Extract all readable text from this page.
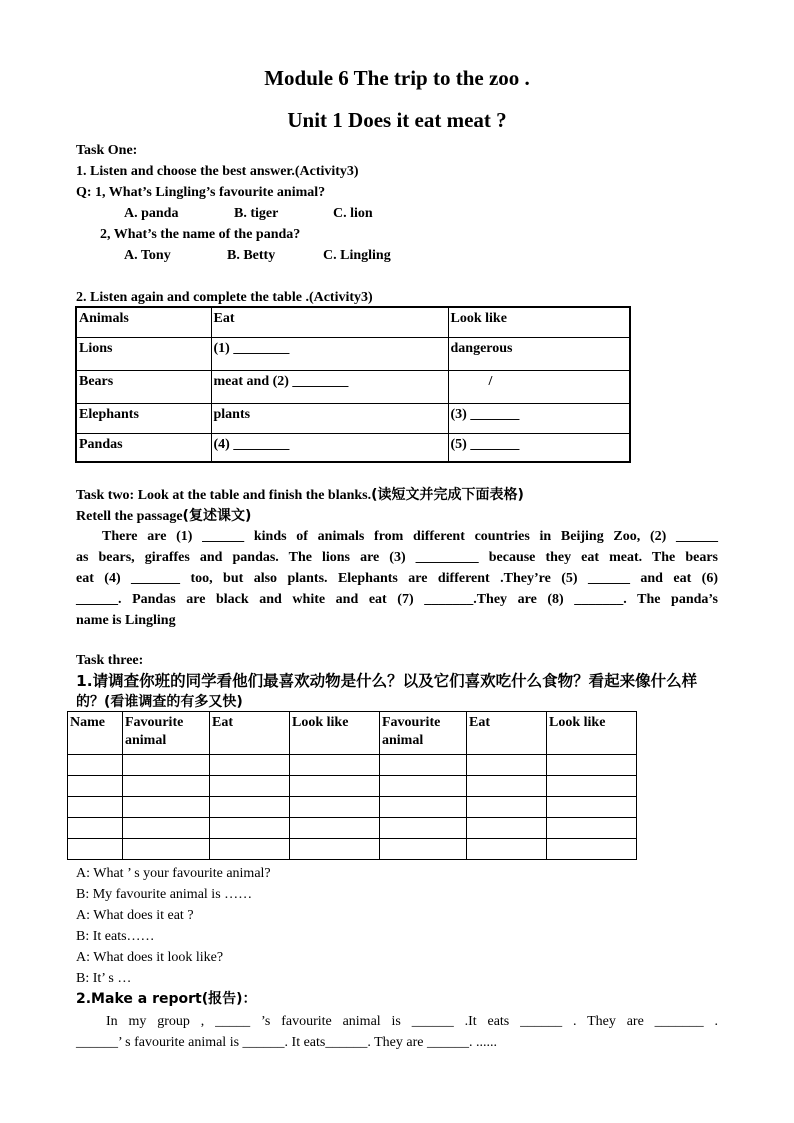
Module 6 The trip to the zoo .
Unit 1 Does it eat meat ?
Task One:
1. Listen and choose the best answer.(Activity3)
Q: 1, What’s Lingling’s favourite animal?
A. panda	B. tiger	C. lion
2, What’s the name of the panda?
A. Tony	B. Betty	C. Lingling
2. Listen again and complete the table .(Activity3)
Animals	Eat	Look like
Lions	(1) ________	dangerous
Bears	meat and (2) ________	/
Elephants	plants	(3) _______
Pandas	(4) ________	(5) _______
Task two: Look at the table and finish the blanks.(读短文并完成下面表格)
Retell the passage(复述课文)
There are (1) ______ kinds of animals from different countries in Beijing Zoo, (2) ______
as bears, giraffes and pandas. The lions are (3) _________ because they eat meat. The bears
eat (4) _______ too, but also plants. Elephants are different .They’re (5) ______ and eat (6)
______. Pandas are black and white and eat (7) _______.They are (8) _______. The panda’s
name is Lingling
Task three:
1.请调查你班的同学看他们最喜欢动物是什么？以及它们喜欢吃什么食物？看起来像什么样
的？(看谁调查的有多又快)
Name	Favourite animal	Eat	Look like	Favourite animal	Eat	Look like

A: What ’ s your favourite animal?
B: My favourite animal is ……
A: What does it eat ?
B: It eats……
A: What does it look like?
B: It’ s …
2.Make a report(报告)：
In my group , _____ ’s favourite animal is ______ .It eats ______ . They are _______ .
______’ s favourite animal is ______. It eats______. They are ______. ......
